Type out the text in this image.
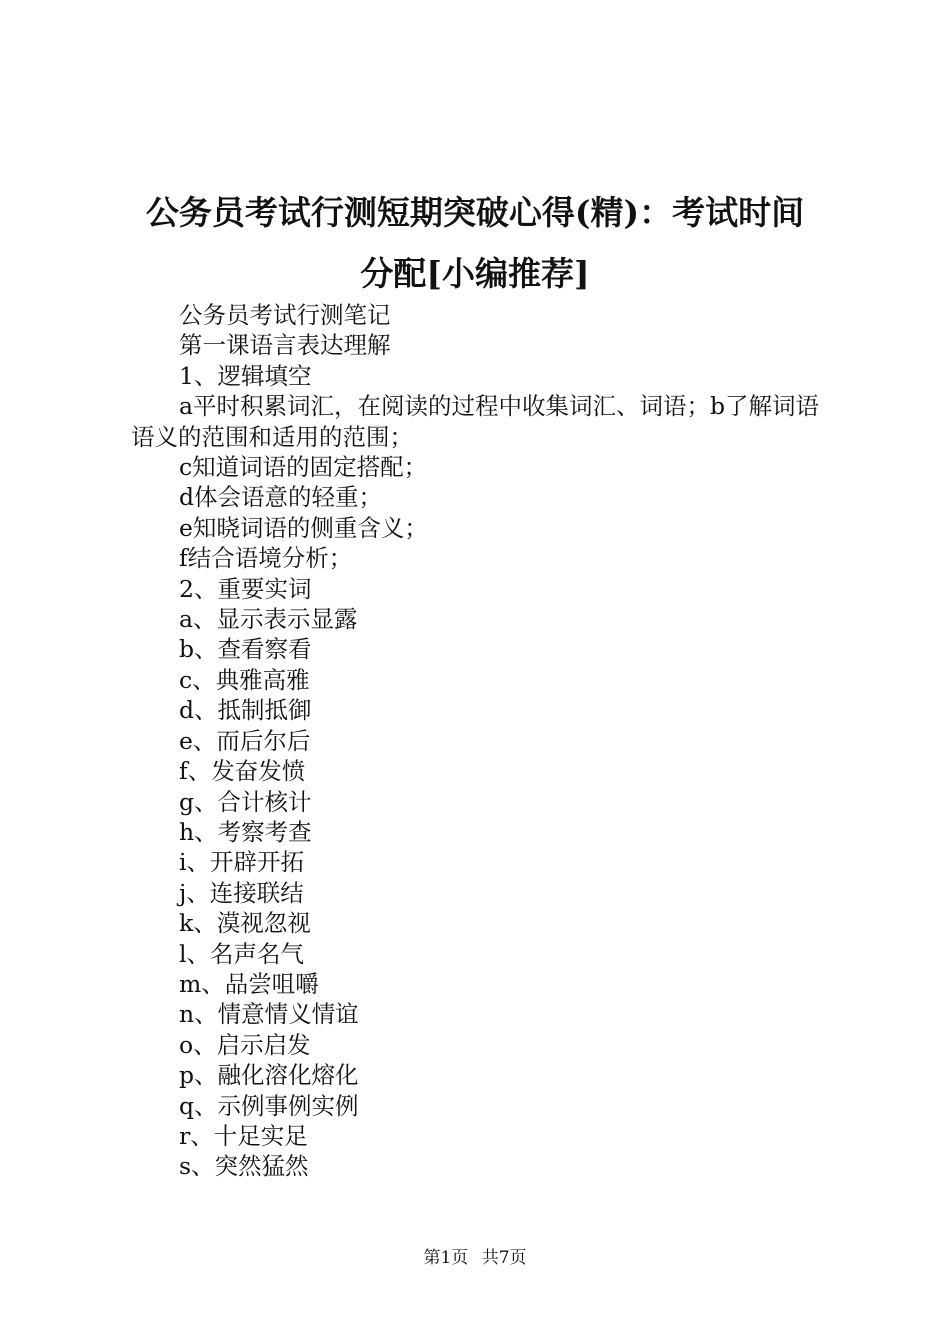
公务员考试行测短期突破心得(精)：考试时间
分配[小编推荐]

公务员考试行测笔记

第一课语言表达理解

1、逻辑填空

a平时积累词汇，在阅读的过程中收集词汇、词语；b了解词语语义的范围和适用的范围；

c知道词语的固定搭配；

d体会语意的轻重；

e知晓词语的侧重含义；

f结合语境分析；

2、重要实词

a、显示表示显露

b、查看察看

c、典雅高雅

d、抵制抵御

e、而后尔后

f、发奋发愤

g、合计核计

h、考察考查

i、开辟开拓

j、连接联结

k、漠视忽视

l、名声名气

m、品尝咀嚼

n、情意情义情谊

o、启示启发

p、融化溶化熔化

q、示例事例实例

r、十足实足

s、突然猛然

第1页 共7页
